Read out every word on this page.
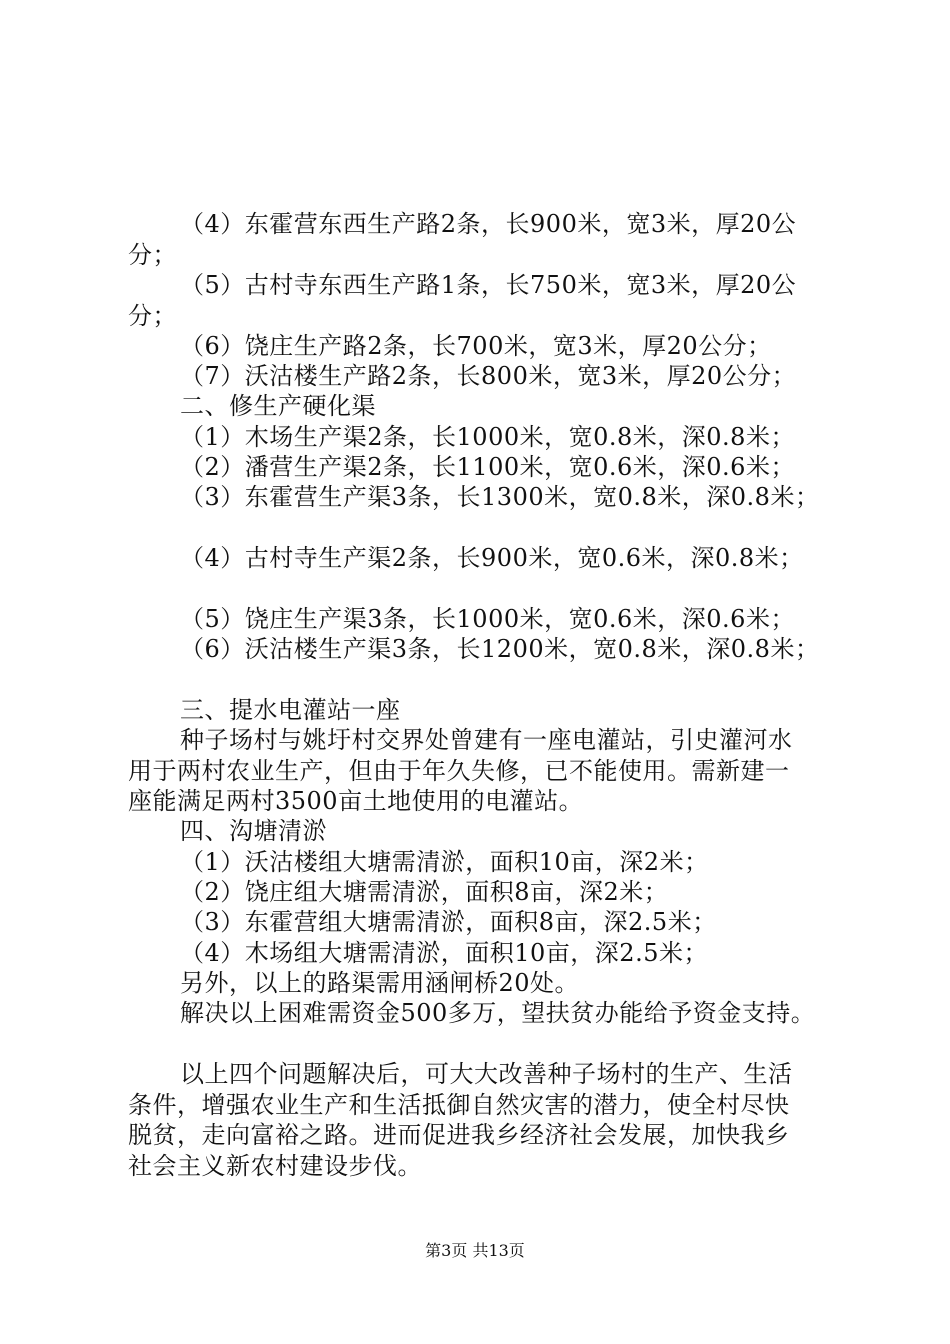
（4）东霍营东西生产路2条，长900米，宽3米，厚20公
分；
（5）古村寺东西生产路1条，长750米，宽3米，厚20公
分；
（6）饶庄生产路2条，长700米，宽3米，厚20公分；
（7）沃沽楼生产路2条，长800米，宽3米，厚20公分；
二、修生产硬化渠
（1）木场生产渠2条，长1000米，宽0.8米，深0.8米；
（2）潘营生产渠2条，长1100米，宽0.6米，深0.6米；
（3）东霍营生产渠3条，长1300米，宽0.8米，深0.8米；
（4）古村寺生产渠2条，长900米，宽0.6米，深0.8米；
（5）饶庄生产渠3条，长1000米，宽0.6米，深0.6米；
（6）沃沽楼生产渠3条，长1200米，宽0.8米，深0.8米；
三、提水电灌站一座
种子场村与姚圩村交界处曾建有一座电灌站，引史灌河水
用于两村农业生产，但由于年久失修，已不能使用。需新建一
座能满足两村3500亩土地使用的电灌站。
四、沟塘清淤
（1）沃沽楼组大塘需清淤，面积10亩，深2米；
（2）饶庄组大塘需清淤，面积8亩，深2米；
（3）东霍营组大塘需清淤，面积8亩，深2.5米；
（4）木场组大塘需清淤，面积10亩，深2.5米；
另外，以上的路渠需用涵闸桥20处。
解决以上困难需资金500多万，望扶贫办能给予资金支持。
以上四个问题解决后，可大大改善种子场村的生产、生活
条件，增强农业生产和生活抵御自然灾害的潜力，使全村尽快
脱贫，走向富裕之路。进而促进我乡经济社会发展，加快我乡
社会主义新农村建设步伐。
第3页 共13页
